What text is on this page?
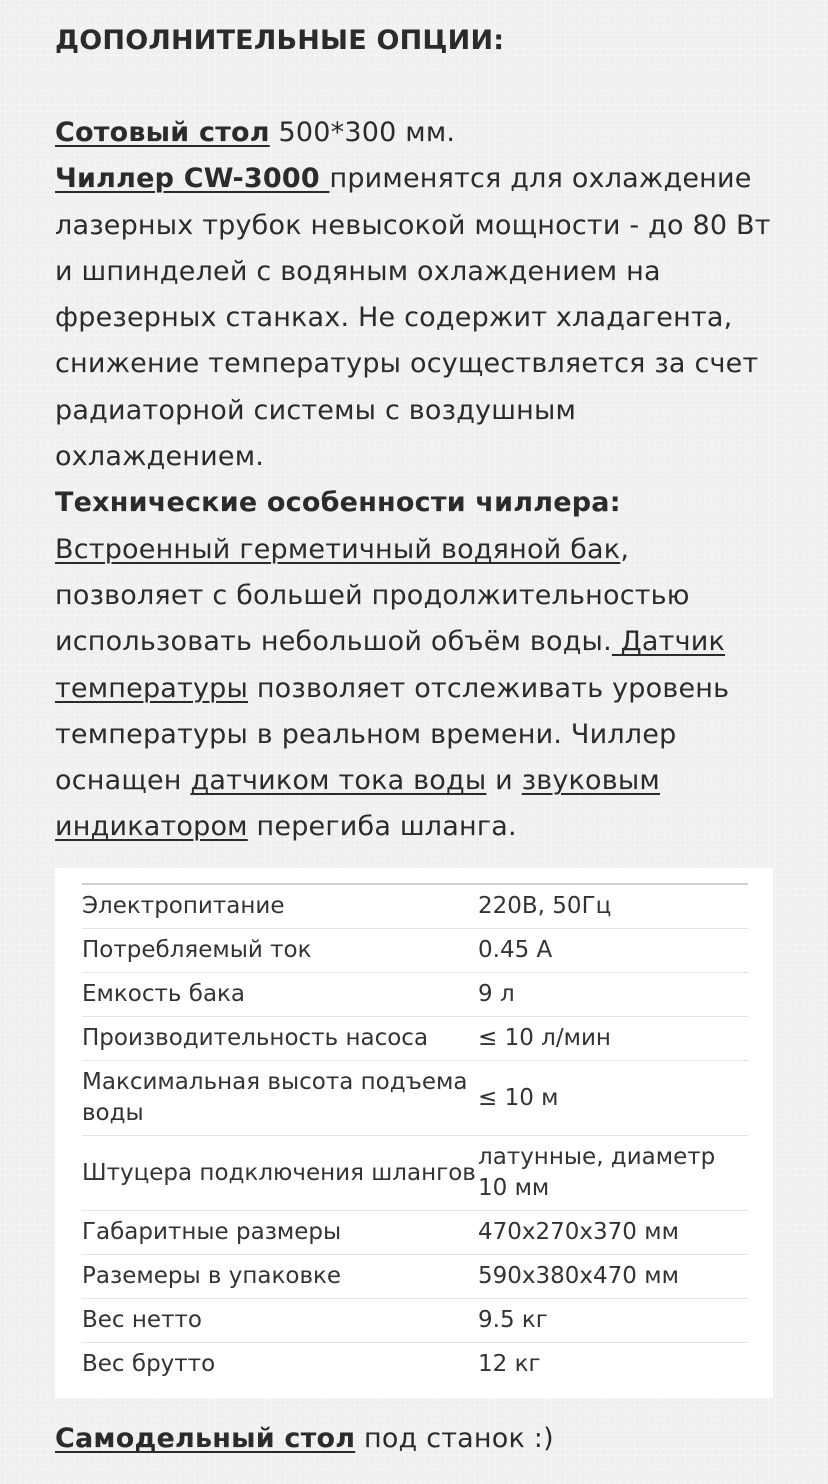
ДОПОЛНИТЕЛЬНЫЕ ОПЦИИ:

Сотовый стол 500*300 мм.

Чиллер CW-3000 применятся для охлаждение лазерных трубок невысокой мощности - до 80 Вт и шпинделей с водяным охлаждением на фрезерных станках. Не содержит хладагента, снижение температуры осуществляется за счет радиаторной системы с воздушным охлаждением.

Технические особенности чиллера:

Встроенный герметичный водяной бак, позволяет с большей продолжительностью использовать небольшой объём воды. Датчик температуры позволяет отслеживать уровень температуры в реальном времени. Чиллер оснащен датчиком тока воды и звуковым индикатором перегиба шланга.

Электропитание	220В, 50Гц
Потребляемый ток	0.45 А
Емкость бака	9 л
Производительность насоса	≤ 10 л/мин
Максимальная высота подъема воды	≤ 10 м
Штуцера подключения шлангов	латунные, диаметр 10 мм
Габаритные размеры	470x270x370 мм
Раземеры в упаковке	590x380x470 мм
Вес нетто	9.5 кг
Вес брутто	12 кг

Самодельный стол под станок :)
